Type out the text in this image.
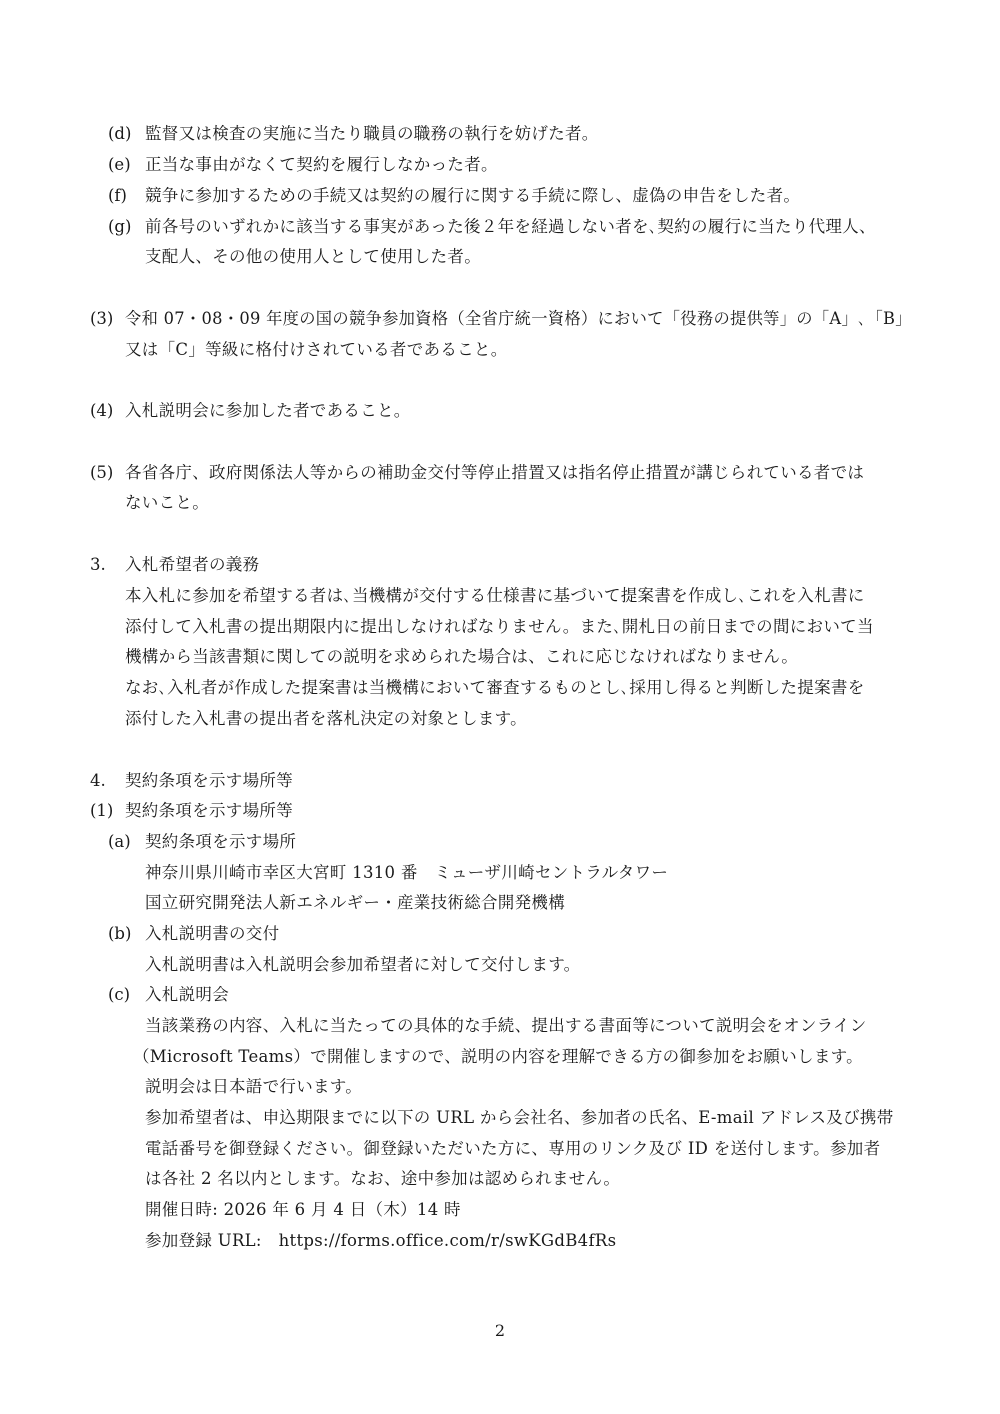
(d) 監督又は検査の実施に当たり職員の職務の執行を妨げた者。
(e) 正当な事由がなくて契約を履行しなかった者。
(f) 競争に参加するための手続又は契約の履行に関する手続に際し、虚偽の申告をした者。
(g) 前各号のいずれかに該当する事実があった後２年を経過しない者を､契約の履行に当たり代理人、
支配人、その他の使用人として使用した者。
(3) 令和 07・08・09 年度の国の競争参加資格（全省庁統一資格）において「役務の提供等」の「A」､「B」
又は「C」等級に格付けされている者であること。
(4) 入札説明会に参加した者であること。
(5) 各省各庁、政府関係法人等からの補助金交付等停止措置又は指名停止措置が講じられている者では
ないこと。
3. 入札希望者の義務
本入札に参加を希望する者は､当機構が交付する仕様書に基づいて提案書を作成し､これを入札書に
添付して入札書の提出期限内に提出しなければなりません。また､開札日の前日までの間において当
機構から当該書類に関しての説明を求められた場合は、これに応じなければなりません。
なお､入札者が作成した提案書は当機構において審査するものとし､採用し得ると判断した提案書を
添付した入札書の提出者を落札決定の対象とします。
4. 契約条項を示す場所等
(1) 契約条項を示す場所等
(a) 契約条項を示す場所
神奈川県川崎市幸区大宮町 1310 番　ミューザ川崎セントラルタワー
国立研究開発法人新エネルギー・産業技術総合開発機構
(b) 入札説明書の交付
入札説明書は入札説明会参加希望者に対して交付します。
(c) 入札説明会
当該業務の内容、入札に当たっての具体的な手続、提出する書面等について説明会をオンライン
（Microsoft Teams）で開催しますので、説明の内容を理解できる方の御参加をお願いします。
説明会は日本語で行います。
参加希望者は、申込期限までに以下の URL から会社名、参加者の氏名、E-mail アドレス及び携帯
電話番号を御登録ください。御登録いただいた方に、専用のリンク及び ID を送付します。参加者
は各社 2 名以内とします。なお、途中参加は認められません。
開催日時: 2026 年 6 月 4 日（木）14 時
参加登録 URL:　https://forms.office.com/r/swKGdB4fRs
2
